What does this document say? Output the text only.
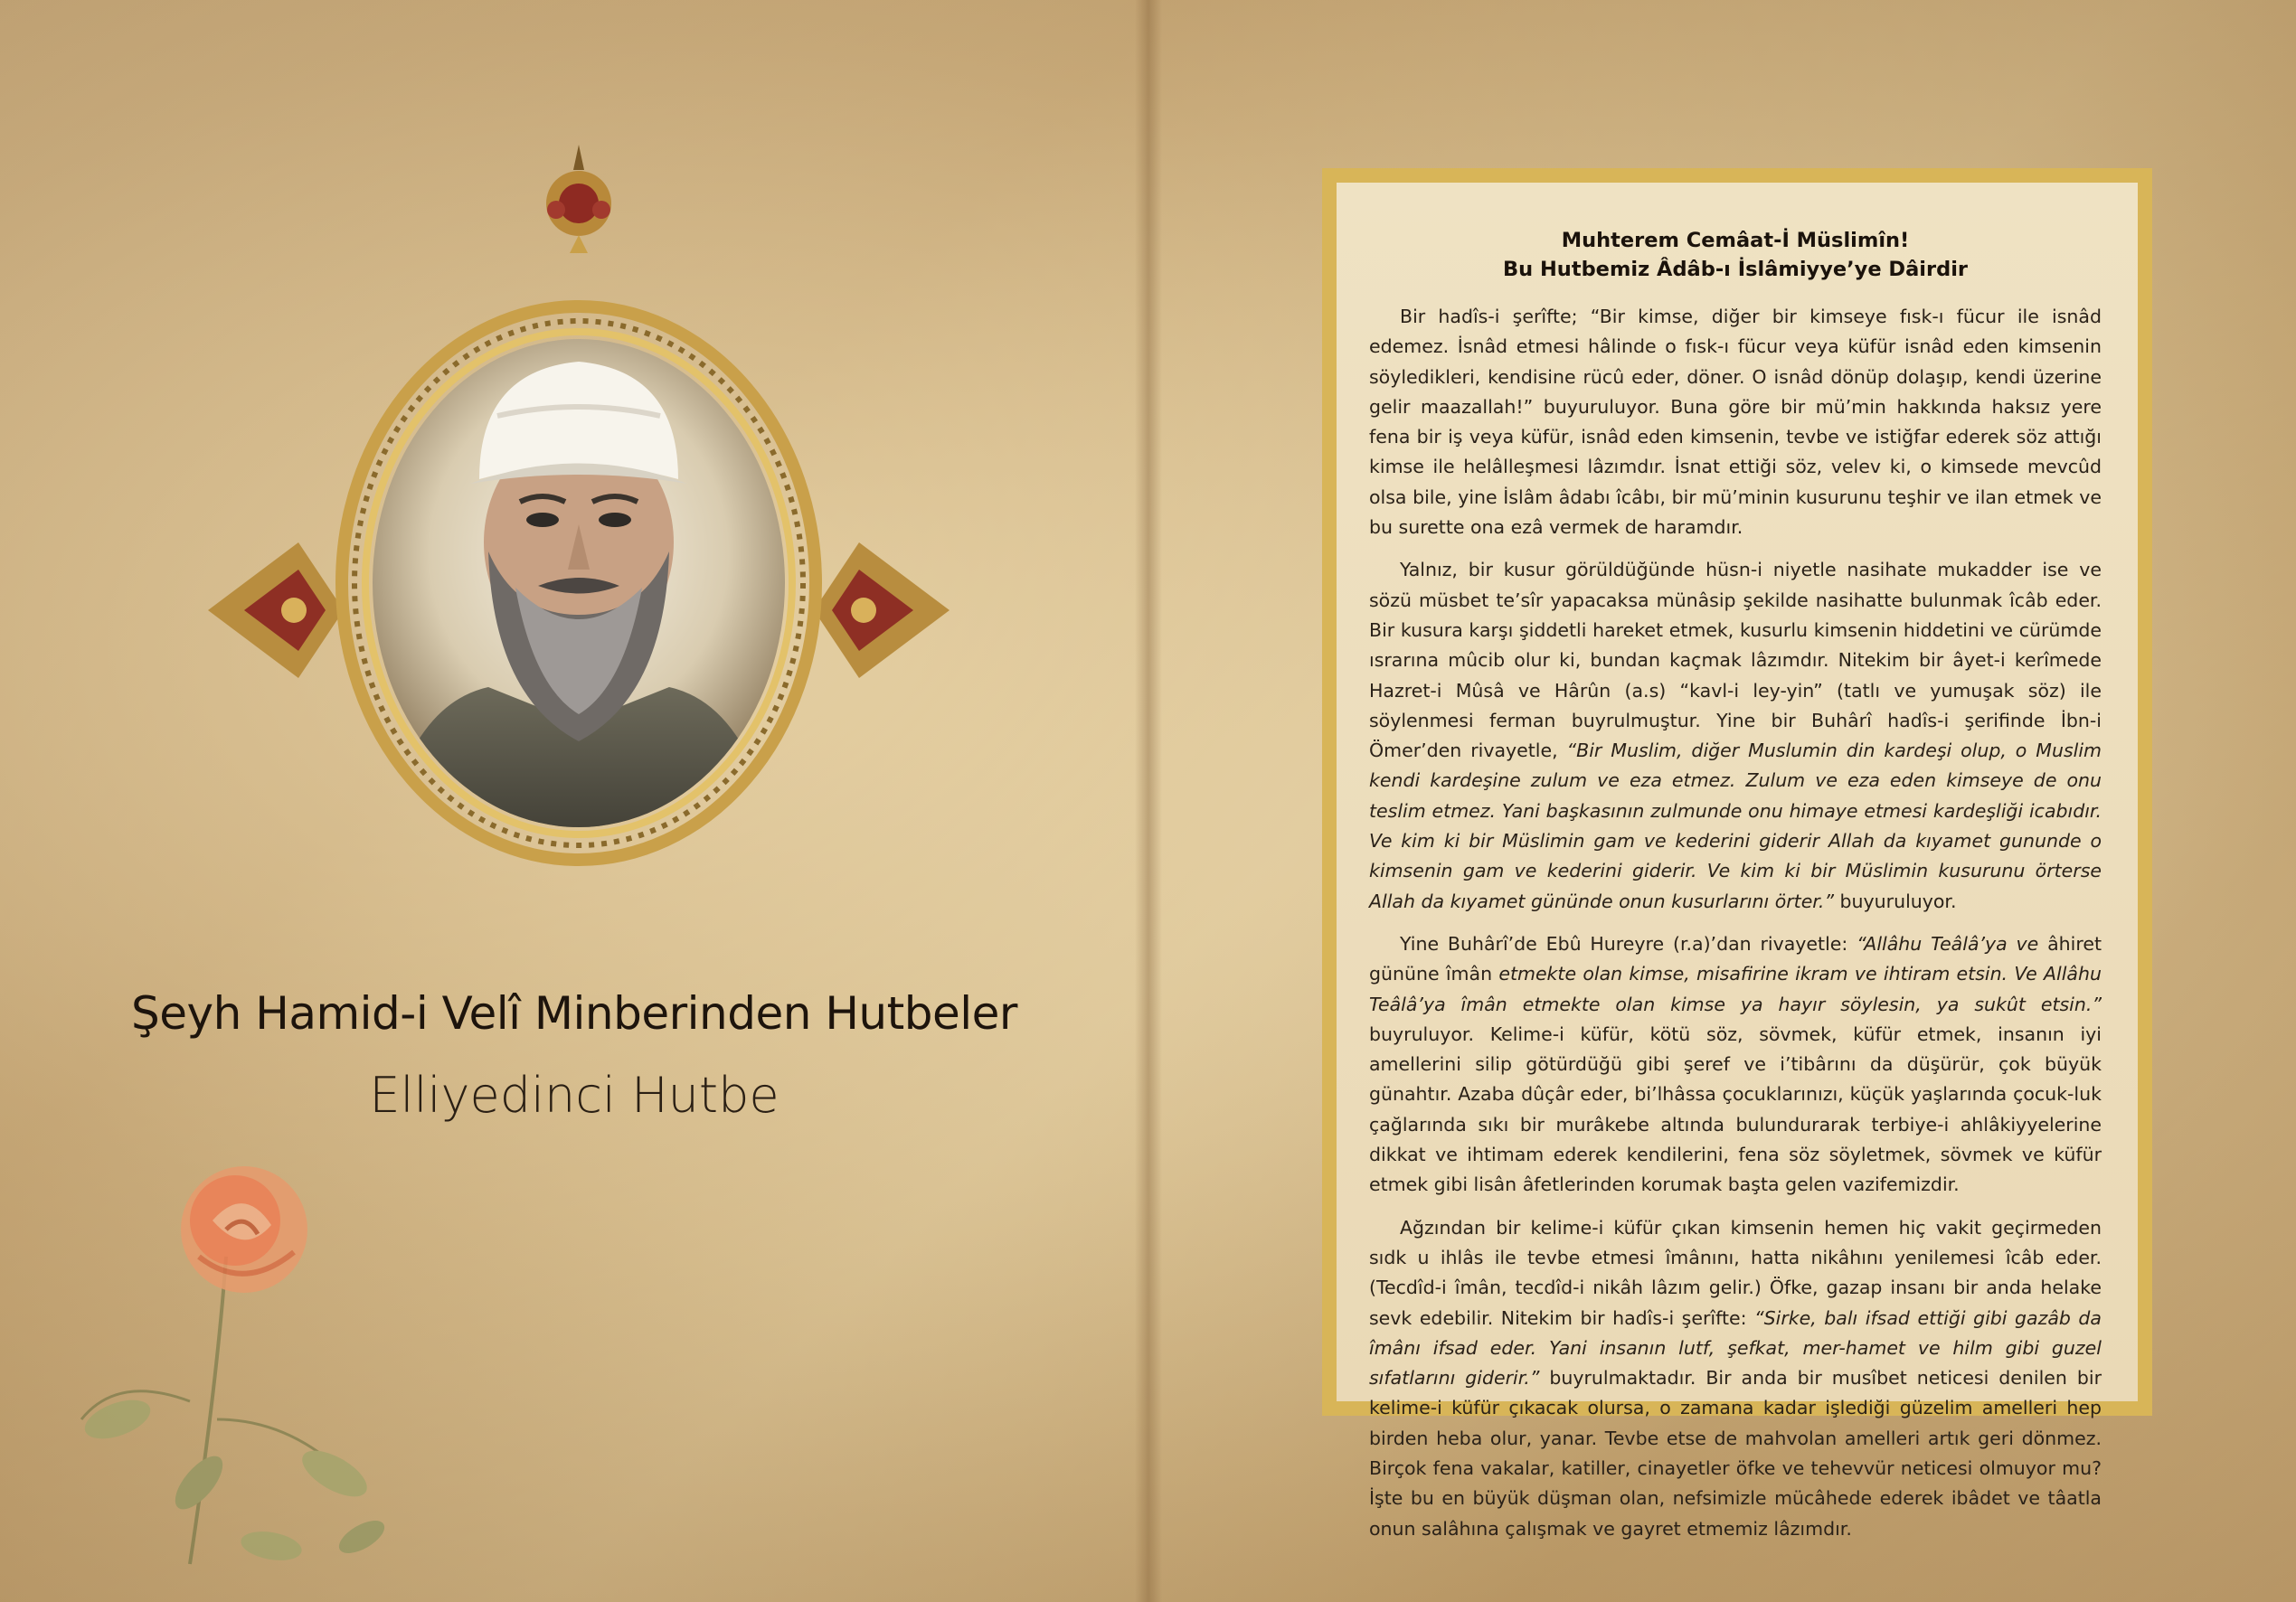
Şeyh Hamid-i Velî Minberinden Hutbeler
Elliyedinci Hutbe
Muhterem Cemâat-İ Müslimîn!
Bu Hutbemiz Âdâb-ı İslâmiyye’ye Dâirdir

Bir hadîs-i şerîfte; “Bir kimse, diğer bir kimseye fısk-ı fücur ile isnâd edemez. İsnâd etmesi hâlinde o fısk-ı fücur veya küfür isnâd eden kimsenin söyledikleri, kendisine rücû eder, döner. O isnâd dönüp dolaşıp, kendi üzerine gelir maazallah!” buyuruluyor. Buna göre bir mü’min hakkında haksız yere fena bir iş veya küfür, isnâd eden kimsenin, tevbe ve istiğfar ederek söz attığı kimse ile helâlleşmesi lâzımdır. İsnat ettiği söz, velev ki, o kimsede mevcûd olsa bile, yine İslâm âdabı îcâbı, bir mü’minin kusurunu teşhir ve ilan etmek ve bu surette ona ezâ vermek de haramdır.

Yalnız, bir kusur görüldüğünde hüsn-i niyetle nasihate mukadder ise ve sözü müsbet te’sîr yapacaksa münâsip şekilde nasihatte bulunmak îcâb eder. Bir kusura karşı şiddetli hareket etmek, kusurlu kimsenin hiddetini ve cürümde ısrarına mûcib olur ki, bundan kaçmak lâzımdır. Nitekim bir âyet-i kerîmede Hazret-i Mûsâ ve Hârûn (a.s) “kavl-i ley-yin” (tatlı ve yumuşak söz) ile söylenmesi ferman buyrulmuştur. Yine bir Buhârî hadîs-i şerifinde İbn-i Ömer’den rivayetle, “Bir Muslim, diğer Muslumin din kardeşi olup, o Muslim kendi kardeşine zulum ve eza etmez. Zulum ve eza eden kimseye de onu teslim etmez. Yani başkasının zulmunde onu himaye etmesi kardeşliği icabıdır. Ve kim ki bir Müslimin gam ve kederini giderir Allah da kıyamet gununde o kimsenin gam ve kederini giderir. Ve kim ki bir Müslimin kusurunu örterse Allah da kıyamet gününde onun kusurlarını örter.” buyuruluyor.

Yine Buhârî’de Ebû Hureyre (r.a)’dan rivayetle: “Allâhu Teâlâ’ya ve âhiret gününe îmân etmekte olan kimse, misafirine ikram ve ihtiram etsin. Ve Allâhu Teâlâ’ya îmân etmekte olan kimse ya hayır söylesin, ya sukût etsin.” buyruluyor. Kelime-i küfür, kötü söz, sövmek, küfür etmek, insanın iyi amellerini silip götürdüğü gibi şeref ve i’tibârını da düşürür, çok büyük günahtır. Azaba dûçâr eder, bi’lhâssa çocuklarınızı, küçük yaşlarında çocuk-luk çağlarında sıkı bir murâkebe altında bulundurarak terbiye-i ahlâkiyyelerine dikkat ve ihtimam ederek kendilerini, fena söz söyletmek, sövmek ve küfür etmek gibi lisân âfetlerinden korumak başta gelen vazifemizdir.

Ağzından bir kelime-i küfür çıkan kimsenin hemen hiç vakit geçirmeden sıdk u ihlâs ile tevbe etmesi îmânını, hatta nikâhını yenilemesi îcâb eder. (Tecdîd-i îmân, tecdîd-i nikâh lâzım gelir.) Öfke, gazap insanı bir anda helake sevk edebilir. Nitekim bir hadîs-i şerîfte: “Sirke, balı ifsad ettiği gibi gazâb da îmânı ifsad eder. Yani insanın lutf, şefkat, mer-hamet ve hilm gibi guzel sıfatlarını giderir.” buyrulmaktadır. Bir anda bir musîbet neticesi denilen bir kelime-i küfür çıkacak olursa, o zamana kadar işlediği güzelim amelleri hep birden heba olur, yanar. Tevbe etse de mahvolan amelleri artık geri dönmez. Birçok fena vakalar, katiller, cinayetler öfke ve tehevvür neticesi olmuyor mu? İşte bu en büyük düşman olan, nefsimizle mücâhede ederek ibâdet ve tâatla onun salâhına çalışmak ve gayret etmemiz lâzımdır.
